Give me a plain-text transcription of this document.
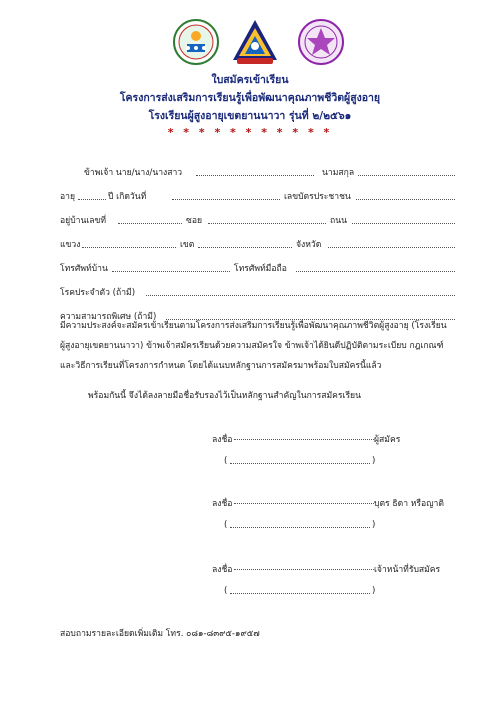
ใบสมัครเข้าเรียน
โครงการส่งเสริมการเรียนรู้เพื่อพัฒนาคุณภาพชีวิตผู้สูงอายุ
โรงเรียนผู้สูงอายุเขตยานนาวา รุ่นที่ ๒/๒๕๖๑
* * * * * * * * * * *
ข้าพเจ้า นาย/นาง/นางสาว	นามสกุล
อายุ	ปี เกิดวันที่	เลขบัตรประชาชน
อยู่บ้านเลขที่	ซอย	ถนน
แขวง	เขต	จังหวัด
โทรศัพท์บ้าน	โทรศัพท์มือถือ
โรคประจำตัว (ถ้ามี)
ความสามารถพิเศษ (ถ้ามี)
มีความประสงค์จะสมัครเข้าเรียนตามโครงการส่งเสริมการเรียนรู้เพื่อพัฒนาคุณภาพชีวิตผู้สูงอายุ (โรงเรียน
ผู้สูงอายุเขตยานนาวา) ข้าพเจ้าสมัครเรียนด้วยความสมัครใจ ข้าพเจ้าได้ยินดีปฏิบัติตามระเบียบ กฎเกณฑ์
และวิธีการเรียนที่โครงการกำหนด โดยได้แนบหลักฐานการสมัครมาพร้อมใบสมัครนี้แล้ว
พร้อมกันนี้ จึงได้ลงลายมือชื่อรับรองไว้เป็นหลักฐานสำคัญในการสมัครเรียน
ลงชื่อ	ผู้สมัคร
(	)
ลงชื่อ	บุตร ธิดา หรือญาติ
(	)
ลงชื่อ	เจ้าหน้าที่รับสมัคร
(	)
สอบถามรายละเอียดเพิ่มเติม โทร. ๐๘๑-๘๓๙๕-๑๙๕๗
